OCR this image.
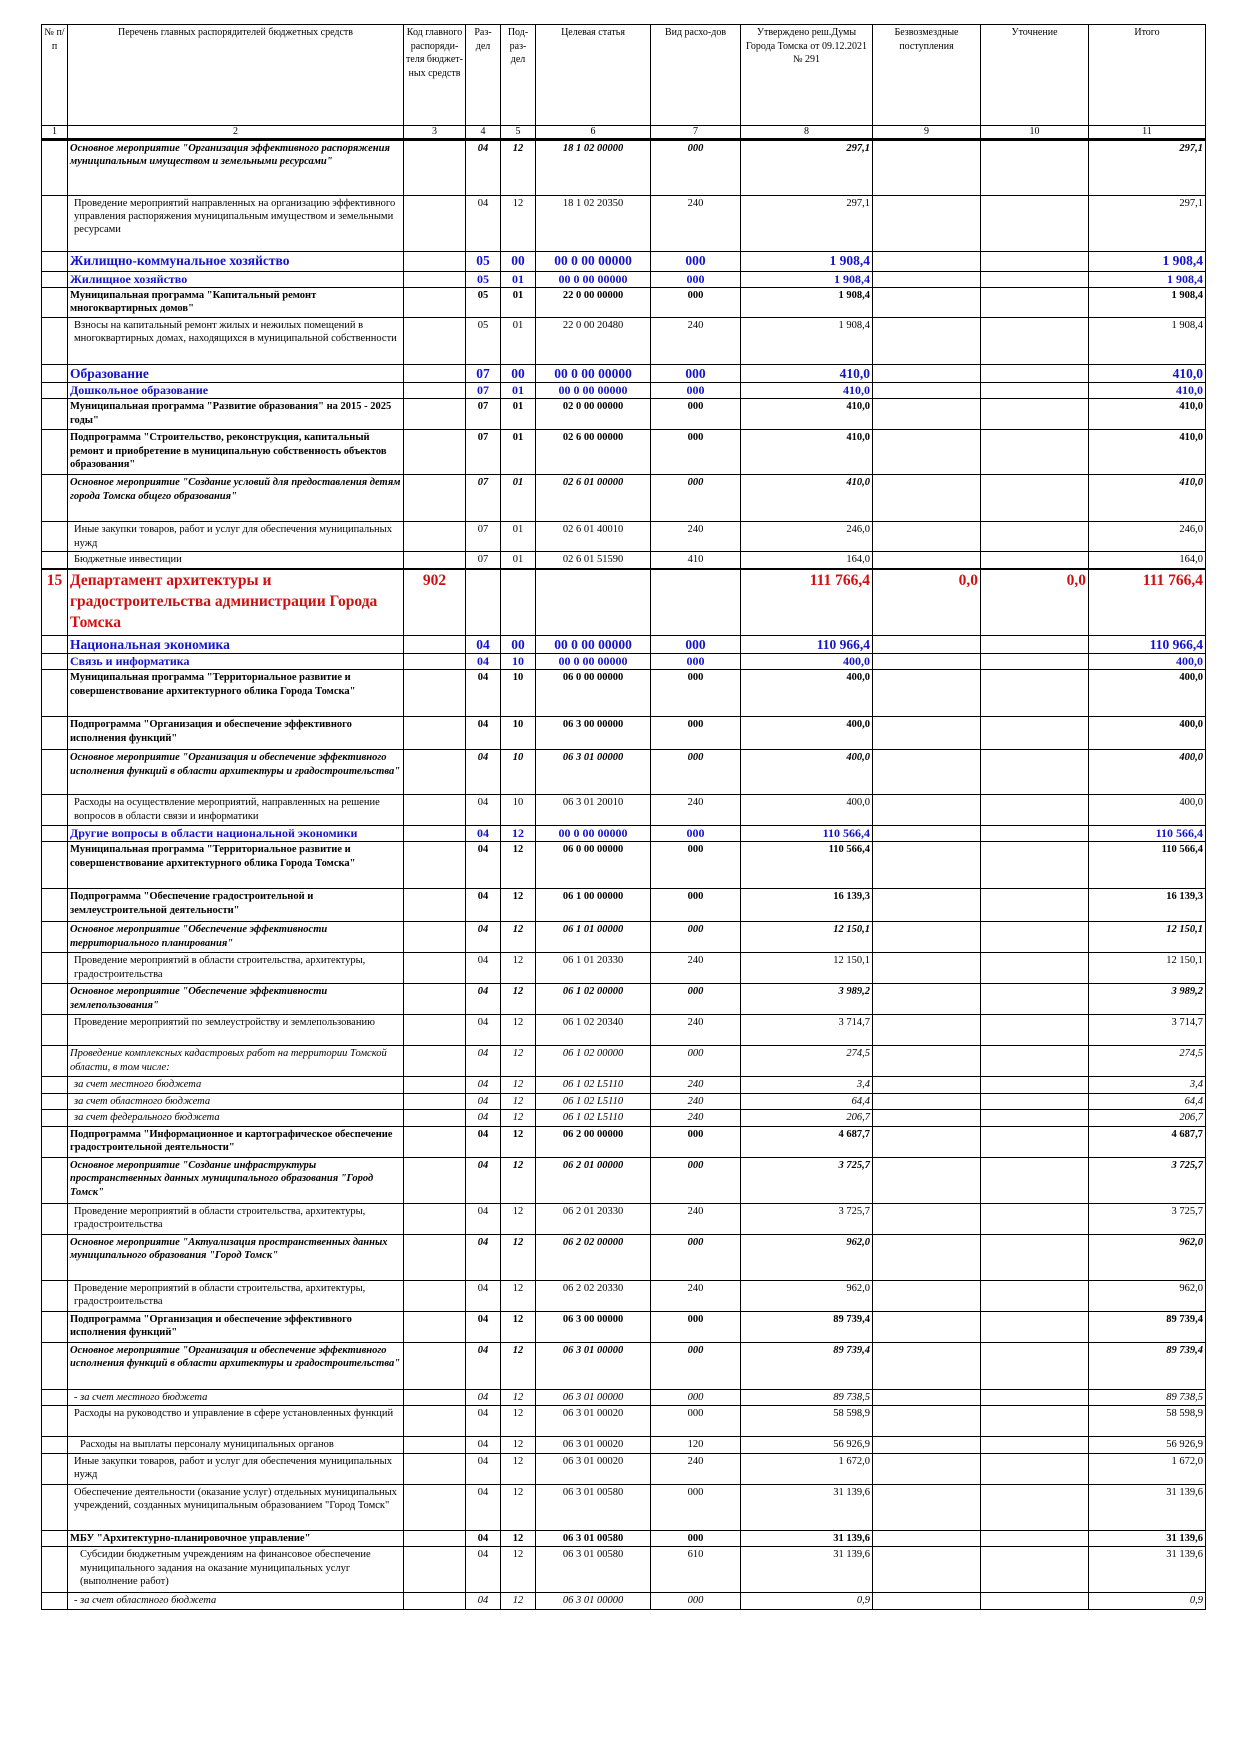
№ п/п	Перечень главных распорядителей бюджетных средств	Код главного распоряди-теля бюджет-ных средств	Раз-дел	Под-раз-дел	Целевая статья	Вид расхо-дов	Утверждено реш.Думы Города Томска от 09.12.2021 № 291	Безвозмездные поступления	Уточнение	Итого
1	2	3	4	5	6	7	8	9	10	11
	Основное мероприятие "Организация эффективного распоряжения муниципальным имуществом и земельными ресурсами"		04	12	18 1 02 00000	000	297,1			297,1
	Проведение мероприятий направленных на организацию эффективного управления распоряжения муниципальным имуществом и земельными ресурсами		04	12	18 1 02 20350	240	297,1			297,1
	Жилищно-коммунальное хозяйство		05	00	00 0 00 00000	000	1 908,4			1 908,4
	Жилищное хозяйство		05	01	00 0 00 00000	000	1 908,4			1 908,4
	Муниципальная программа "Капитальный ремонт многоквартирных домов"		05	01	22 0 00 00000	000	1 908,4			1 908,4
	Взносы на капитальный ремонт жилых и нежилых помещений в многоквартирных домах, находящихся в муниципальной собственности		05	01	22 0 00 20480	240	1 908,4			1 908,4
	Образование		07	00	00 0 00 00000	000	410,0			410,0
	Дошкольное образование		07	01	00 0 00 00000	000	410,0			410,0
	Муниципальная программа "Развитие образования" на 2015 - 2025 годы"		07	01	02 0 00 00000	000	410,0			410,0
	Подпрограмма "Строительство, реконструкция, капитальный ремонт и приобретение в муниципальную собственность объектов образования"		07	01	02 6 00 00000	000	410,0			410,0
	Основное мероприятие "Создание условий для предоставления детям города Томска общего образования"		07	01	02 6 01 00000	000	410,0			410,0
	Иные закупки товаров, работ и услуг для обеспечения муниципальных нужд		07	01	02 6 01 40010	240	246,0			246,0
	Бюджетные инвестиции		07	01	02 6 01 51590	410	164,0			164,0
15	Департамент архитектуры и градостроительства администрации Города Томска	902					111 766,4	0,0	0,0	111 766,4
	Национальная экономика		04	00	00 0 00 00000	000	110 966,4			110 966,4
	Связь и информатика		04	10	00 0 00 00000	000	400,0			400,0
	Муниципальная программа "Территориальное развитие и совершенствование архитектурного облика Города Томска"		04	10	06 0 00 00000	000	400,0			400,0
	Подпрограмма "Организация и обеспечение эффективного исполнения функций"		04	10	06 3 00 00000	000	400,0			400,0
	Основное мероприятие "Организация и обеспечение эффективного исполнения функций в области архитектуры и градостроительства"		04	10	06 3 01 00000	000	400,0			400,0
	Расходы на осуществление мероприятий, направленных на решение вопросов в области связи и информатики		04	10	06 3 01 20010	240	400,0			400,0
	Другие вопросы в области национальной экономики		04	12	00 0 00 00000	000	110 566,4			110 566,4
	Муниципальная программа "Территориальное развитие и совершенствование архитектурного облика Города Томска"		04	12	06 0 00 00000	000	110 566,4			110 566,4
	Подпрограмма "Обеспечение градостроительной и землеустроительной деятельности"		04	12	06 1 00 00000	000	16 139,3			16 139,3
	Основное мероприятие "Обеспечение эффективности территориального планирования"		04	12	06 1 01 00000	000	12 150,1			12 150,1
	Проведение мероприятий в области строительства, архитектуры, градостроительства		04	12	06 1 01 20330	240	12 150,1			12 150,1
	Основное мероприятие "Обеспечение эффективности землепользования"		04	12	06 1 02 00000	000	3 989,2			3 989,2
	Проведение мероприятий по землеустройству и землепользованию		04	12	06 1 02 20340	240	3 714,7			3 714,7
	Проведение комплексных кадастровых работ на территории Томской области, в том числе:		04	12	06 1 02 00000	000	274,5			274,5
	за счет местного бюджета		04	12	06 1 02 L5110	240	3,4			3,4
	за счет областного бюджета		04	12	06 1 02 L5110	240	64,4			64,4
	за счет федерального бюджета		04	12	06 1 02 L5110	240	206,7			206,7
	Подпрограмма "Информационное и картографическое обеспечение градостроительной деятельности"		04	12	06 2 00 00000	000	4 687,7			4 687,7
	Основное мероприятие "Создание инфраструктуры пространственных данных муниципального образования "Город Томск"		04	12	06 2 01 00000	000	3 725,7			3 725,7
	Проведение мероприятий в области строительства, архитектуры, градостроительства		04	12	06 2 01 20330	240	3 725,7			3 725,7
	Основное мероприятие "Актуализация пространственных данных муниципального образования "Город Томск"		04	12	06 2 02 00000	000	962,0			962,0
	Проведение мероприятий в области строительства, архитектуры, градостроительства		04	12	06 2 02 20330	240	962,0			962,0
	Подпрограмма "Организация и обеспечение эффективного исполнения функций"		04	12	06 3 00 00000	000	89 739,4			89 739,4
	Основное мероприятие "Организация и обеспечение эффективного исполнения функций в области архитектуры и градостроительства"		04	12	06 3 01 00000	000	89 739,4			89 739,4
	- за счет местного бюджета		04	12	06 3 01 00000	000	89 738,5			89 738,5
	Расходы на руководство и управление в сфере установленных функций		04	12	06 3 01 00020	000	58 598,9			58 598,9
	Расходы на выплаты персоналу муниципальных органов		04	12	06 3 01 00020	120	56 926,9			56 926,9
	Иные закупки товаров, работ и услуг для обеспечения муниципальных нужд		04	12	06 3 01 00020	240	1 672,0			1 672,0
	Обеспечение деятельности (оказание услуг) отдельных муниципальных учреждений, созданных муниципальным образованием "Город Томск"		04	12	06 3 01 00580	000	31 139,6			31 139,6
	МБУ "Архитектурно-планировочное управление"		04	12	06 3 01 00580	000	31 139,6			31 139,6
	Субсидии бюджетным учреждениям на финансовое обеспечение муниципального задания на оказание муниципальных услуг (выполнение работ)		04	12	06 3 01 00580	610	31 139,6			31 139,6
	- за счет областного бюджета		04	12	06 3 01 00000	000	0,9			0,9
